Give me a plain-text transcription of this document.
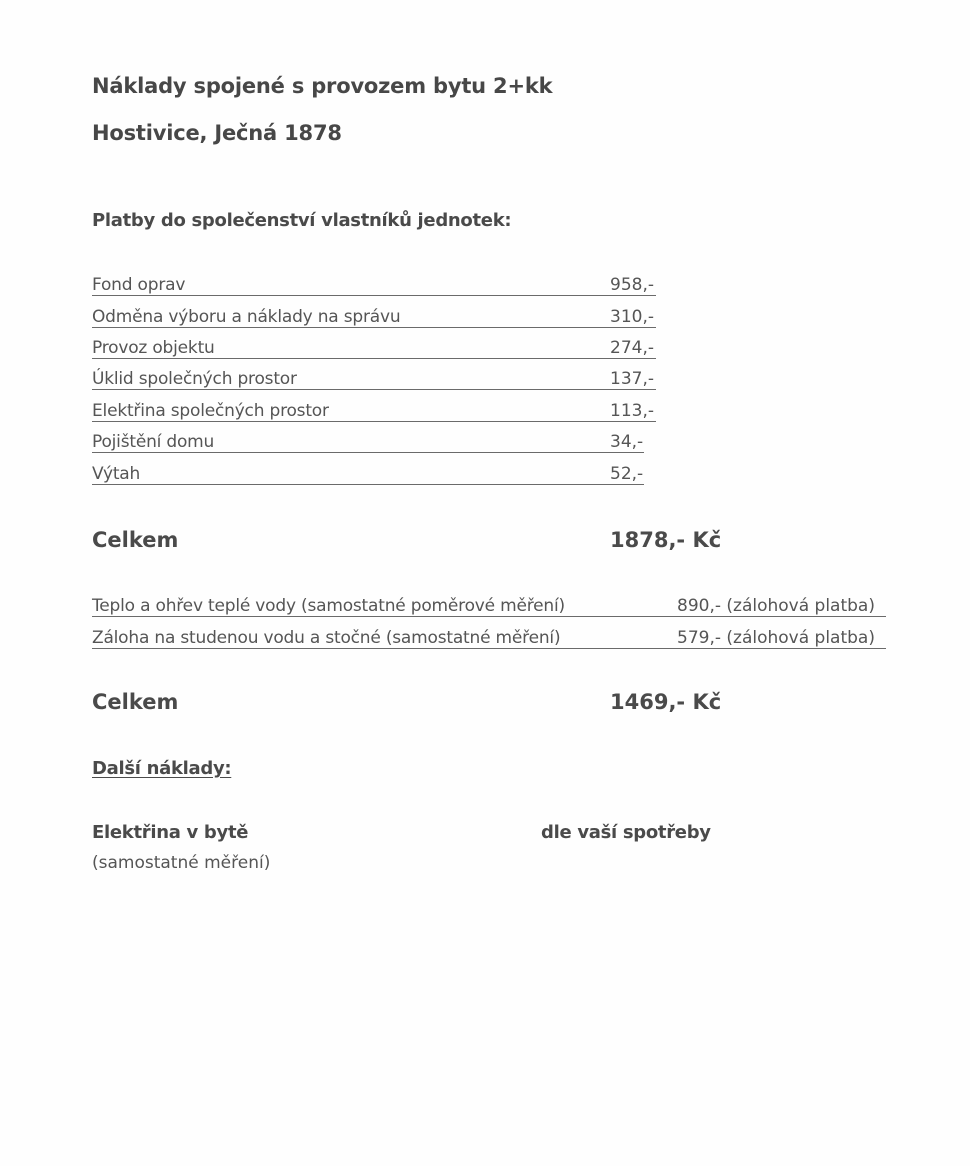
Náklady spojené s provozem bytu 2+kk
Hostivice, Ječná 1878
Platby do společenství vlastníků jednotek:
Fond oprav	958,-
Odměna výboru a náklady na správu	310,-
Provoz objektu	274,-
Úklid společných prostor	137,-
Elektřina společných prostor	113,-
Pojištění domu	34,-
Výtah	52,-
Celkem	1878,- Kč
Teplo a ohřev teplé vody (samostatné poměrové měření)	890,- (zálohová platba)
Záloha na studenou vodu a stočné (samostatné měření)	579,- (zálohová platba)
Celkem	1469,- Kč
Další náklady:
Elektřina v bytě	dle vaší spotřeby
(samostatné měření)
